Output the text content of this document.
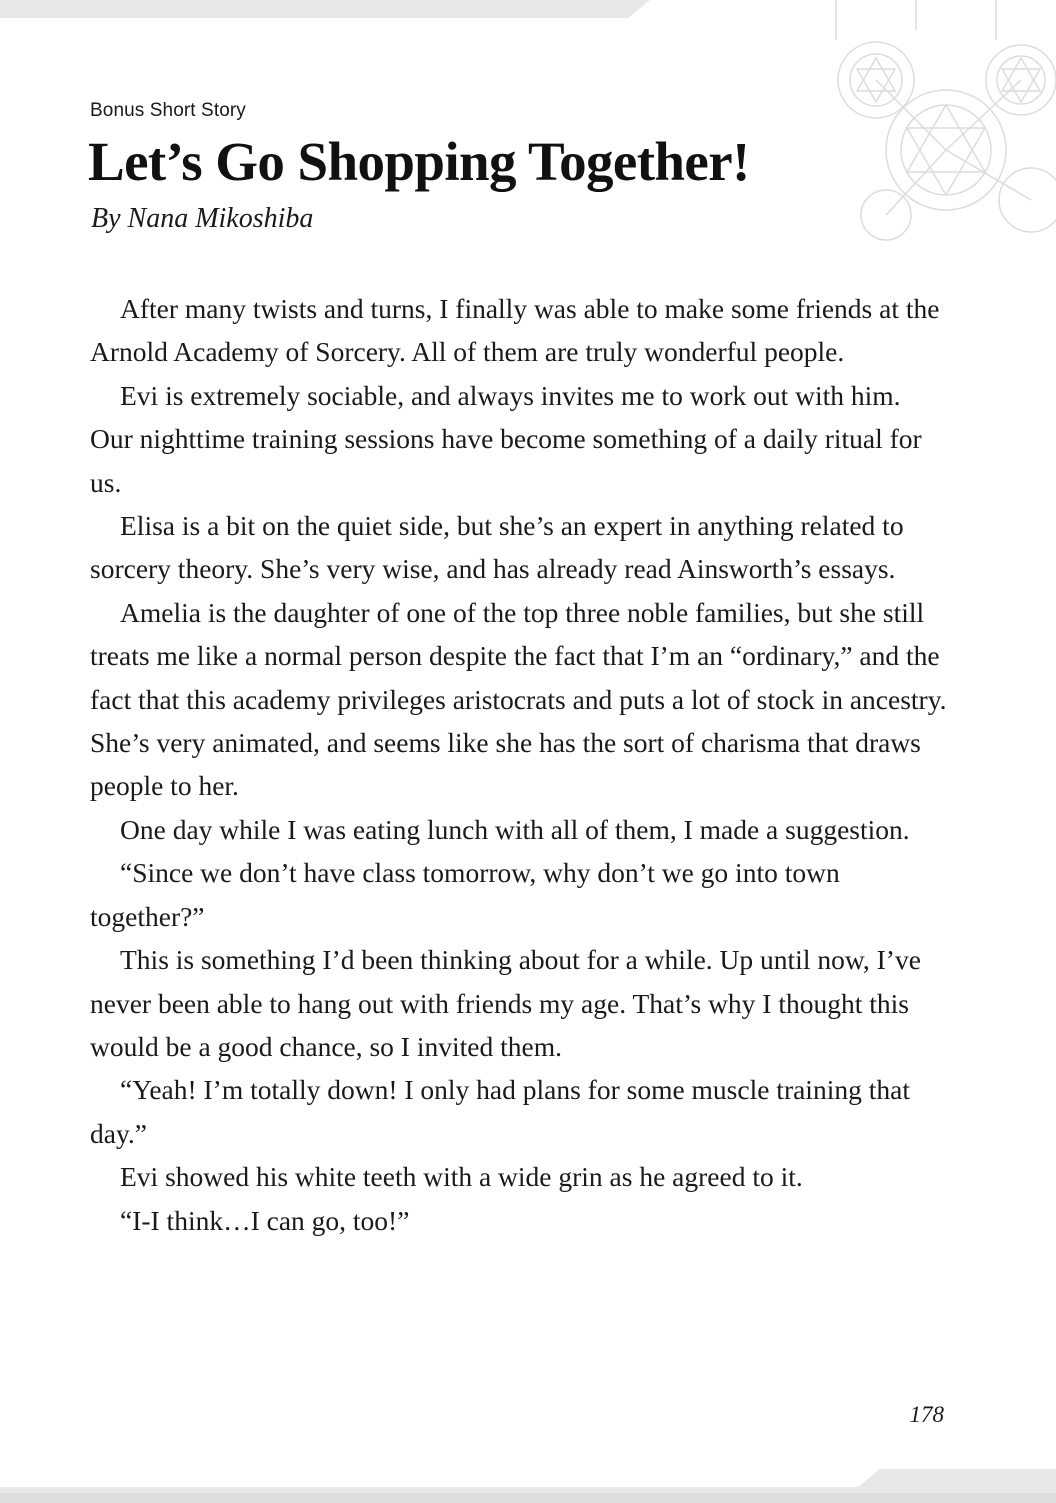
Bonus Short Story
Let’s Go Shopping Together!
By Nana Mikoshiba

After many twists and turns, I finally was able to make some friends at the Arnold Academy of Sorcery. All of them are truly wonderful people.

Evi is extremely sociable, and always invites me to work out with him. Our nighttime training sessions have become something of a daily ritual for us.

Elisa is a bit on the quiet side, but she’s an expert in anything related to sorcery theory. She’s very wise, and has already read Ainsworth’s essays.

Amelia is the daughter of one of the top three noble families, but she still treats me like a normal person despite the fact that I’m an “ordinary,” and the fact that this academy privileges aristocrats and puts a lot of stock in ancestry. She’s very animated, and seems like she has the sort of charisma that draws people to her.

One day while I was eating lunch with all of them, I made a suggestion.

“Since we don’t have class tomorrow, why don’t we go into town together?”

This is something I’d been thinking about for a while. Up until now, I’ve never been able to hang out with friends my age. That’s why I thought this would be a good chance, so I invited them.

“Yeah! I’m totally down! I only had plans for some muscle training that day.”

Evi showed his white teeth with a wide grin as he agreed to it.

“I-I think…I can go, too!”

178
